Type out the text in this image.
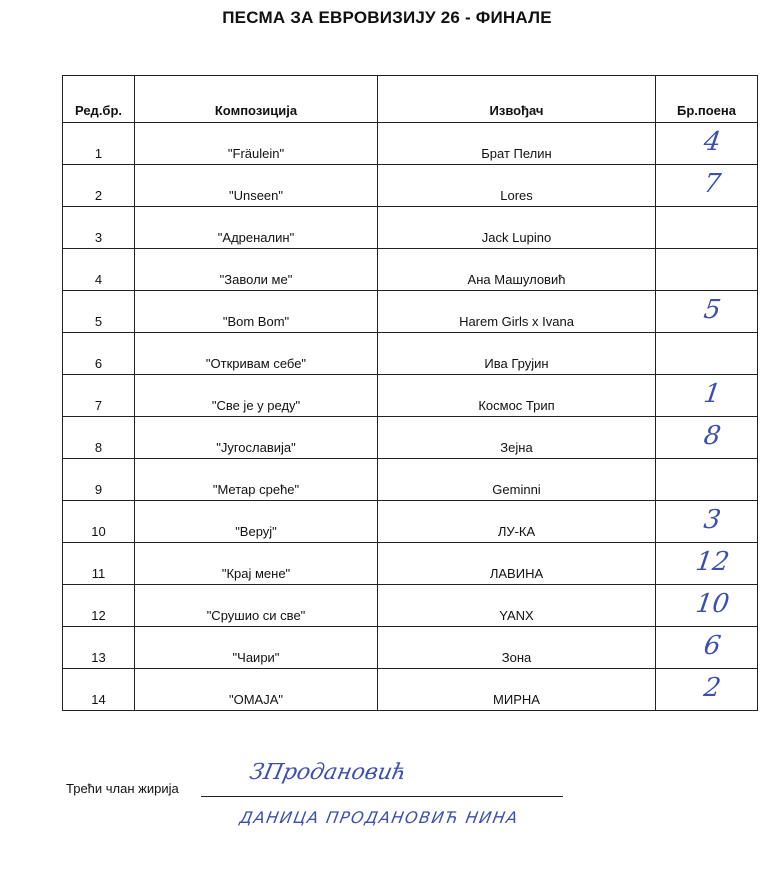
ПЕСМА ЗА ЕВРОВИЗИЈУ 26 - ФИНАЛЕ
Ред.бр.	Композиција	Извођач	Бр.поена
1	"Fräulein"	Брат Пелин	4
2	"Unseen"	Lores	7
3	"Адреналин"	Jack Lupino	
4	"Заволи ме"	Ана Машуловић	
5	"Bom Bom"	Harem Girls x Ivana	5
6	"Откривам себе"	Ива Грујин	
7	"Све је у реду"	Космос Трип	1
8	"Југославија"	Зејна	8
9	"Метар среће"	Geminni	
10	"Веруј"	ЛУ-КА	3
11	"Крај мене"	ЛАВИНА	12
12	"Срушио си све"	YANX	10
13	"Чаири"	Зона	6
14	"ОМАЈА"	МИРНА	2
Трећи члан жирија
ЗПродановић
ДАНИЦА ПРОДАНОВИЋ НИНА
